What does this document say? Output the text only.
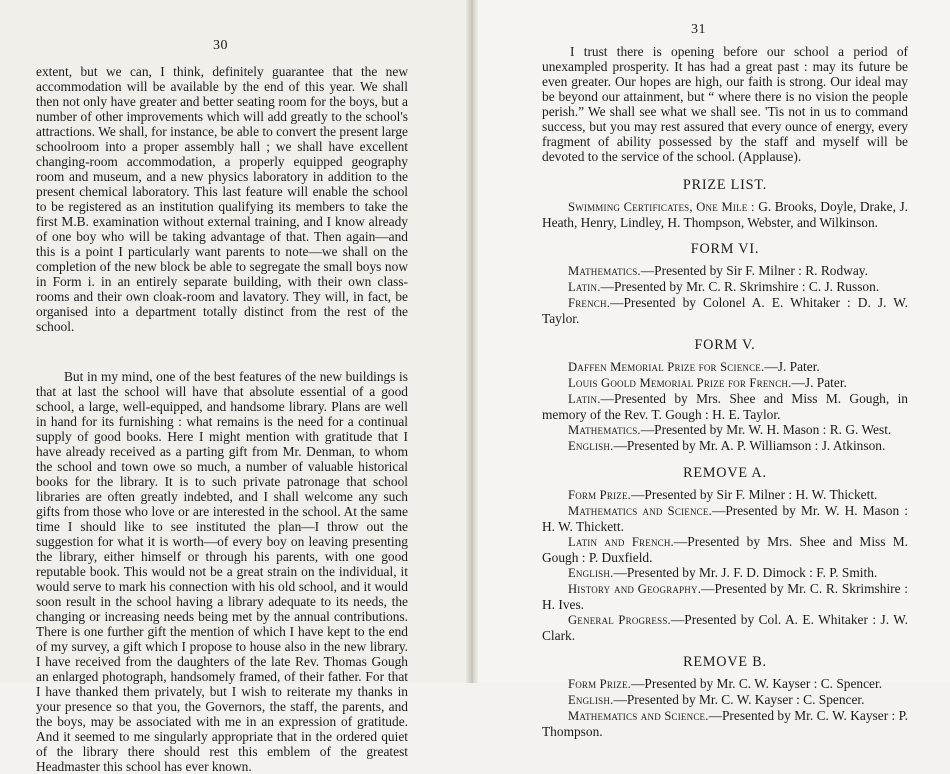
30

extent, but we can, I think, definitely guarantee that the new accommodation will be available by the end of this year. We shall then not only have greater and better seating room for the boys, but a number of other improvements which will add greatly to the school's attractions. We shall, for instance, be able to convert the present large schoolroom into a proper assembly hall ; we shall have excellent changing-room accommodation, a properly equipped geography room and museum, and a new physics laboratory in addition to the present chemical laboratory. This last feature will enable the school to be registered as an institution qualifying its members to take the first M.B. examination without external training, and I know already of one boy who will be taking advantage of that. Then again—and this is a point I particularly want parents to note—we shall on the completion of the new block be able to segregate the small boys now in Form i. in an entirely separate building, with their own class-rooms and their own cloak-room and lavatory. They will, in fact, be organised into a department totally distinct from the rest of the school.

But in my mind, one of the best features of the new buildings is that at last the school will have that absolute essential of a good school, a large, well-equipped, and handsome library. Plans are well in hand for its furnishing : what remains is the need for a continual supply of good books. Here I might mention with gratitude that I have already received as a parting gift from Mr. Denman, to whom the school and town owe so much, a number of valuable historical books for the library. It is to such private patronage that school libraries are often greatly indebted, and I shall welcome any such gifts from those who love or are interested in the school. At the same time I should like to see instituted the plan—I throw out the suggestion for what it is worth—of every boy on leaving presenting the library, either himself or through his parents, with one good reputable book. This would not be a great strain on the individual, it would serve to mark his connection with his old school, and it would soon result in the school having a library adequate to its needs, the changing or increasing needs being met by the annual contributions. There is one further gift the mention of which I have kept to the end of my survey, a gift which I propose to house also in the new library. I have received from the daughters of the late Rev. Thomas Gough an enlarged photograph, handsomely framed, of their father. For that I have thanked them privately, but I wish to reiterate my thanks in your presence so that you, the Governors, the staff, the parents, and the boys, may be associated with me in an expression of gratitude. And it seemed to me singularly appropriate that in the ordered quiet of the library there should rest this emblem of the greatest Headmaster this school has ever known.

31

I trust there is opening before our school a period of unexampled prosperity. It has had a great past : may its future be even greater. Our hopes are high, our faith is strong. Our ideal may be beyond our attainment, but “ where there is no vision the people perish.” We shall see what we shall see. 'Tis not in us to command success, but you may rest assured that every ounce of energy, every fragment of ability possessed by the staff and myself will be devoted to the service of the school. (Applause).

PRIZE LIST.

Swimming Certificates, One Mile : G. Brooks, Doyle, Drake, J. Heath, Henry, Lindley, H. Thompson, Webster, and Wilkinson.

FORM VI.

Mathematics.—Presented by Sir F. Milner : R. Rodway.

Latin.—Presented by Mr. C. R. Skrimshire : C. J. Russon.

French.—Presented by Colonel A. E. Whitaker : D. J. W. Taylor.

FORM V.

Daffen Memorial Prize for Science.—J. Pater.

Louis Goold Memorial Prize for French.—J. Pater.

Latin.—Presented by Mrs. Shee and Miss M. Gough, in memory of the Rev. T. Gough : H. E. Taylor.

Mathematics.—Presented by Mr. W. H. Mason : R. G. West.

English.—Presented by Mr. A. P. Williamson : J. Atkinson.

REMOVE A.

Form Prize.—Presented by Sir F. Milner : H. W. Thickett.

Mathematics and Science.—Presented by Mr. W. H. Mason : H. W. Thickett.

Latin and French.—Presented by Mrs. Shee and Miss M. Gough : P. Duxfield.

English.—Presented by Mr. J. F. D. Dimock : F. P. Smith.

History and Geography.—Presented by Mr. C. R. Skrimshire : H. Ives.

General Progress.—Presented by Col. A. E. Whitaker : J. W. Clark.

REMOVE B.

Form Prize.—Presented by Mr. C. W. Kayser : C. Spencer.

English.—Presented by Mr. C. W. Kayser : C. Spencer.

Mathematics and Science.—Presented by Mr. C. W. Kayser : P. Thompson.
